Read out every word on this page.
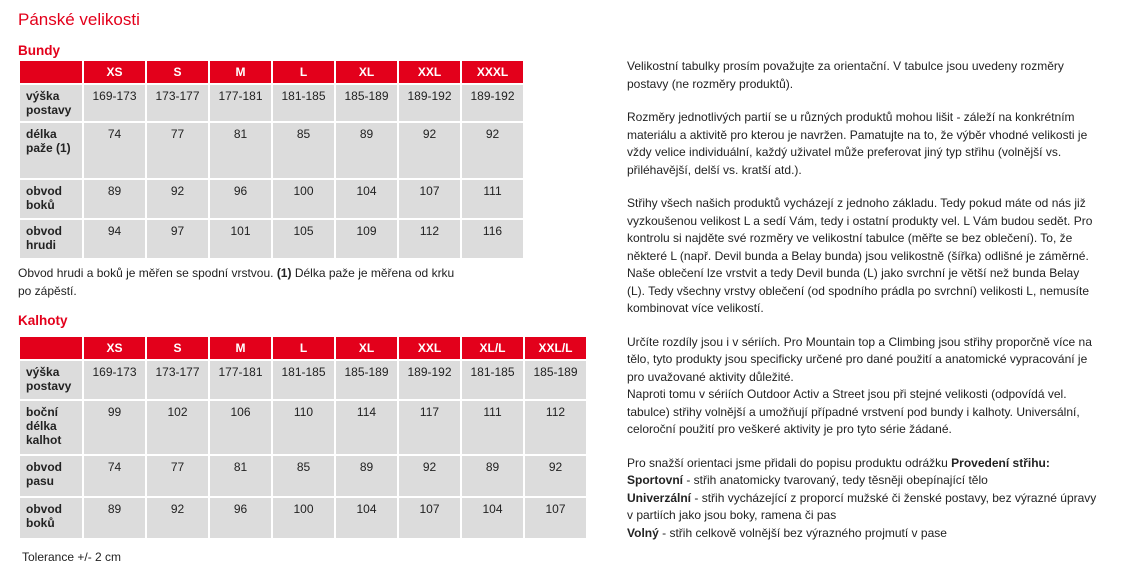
Pánské velikosti
Bundy
	XS	S	M	L	XL	XXL	XXXL
výška postavy	169-173	173-177	177-181	181-185	185-189	189-192	189-192
délka paže (1)	74	77	81	85	89	92	92
obvod boků	89	92	96	100	104	107	111
obvod hrudi	94	97	101	105	109	112	116
Obvod hrudi a boků je měřen se spodní vrstvou. (1) Délka paže je měřena od krku po zápěstí.
Kalhoty
	XS	S	M	L	XL	XXL	XL/L	XXL/L
výška postavy	169-173	173-177	177-181	181-185	185-189	189-192	181-185	185-189
boční délka kalhot	99	102	106	110	114	117	111	112
obvod pasu	74	77	81	85	89	92	89	92
obvod boků	89	92	96	100	104	107	104	107
Tolerance +/- 2 cm

Velikostní tabulky prosím považujte za orientační. V tabulce jsou uvedeny rozměry postavy (ne rozměry produktů).

Rozměry jednotlivých partií se u různých produktů mohou lišit - záleží na konkrétním materiálu a aktivitě pro kterou je navržen. Pamatujte na to, že výběr vhodné velikosti je vždy velice individuální, každý uživatel může preferovat jiný typ střihu (volnější vs. přiléhavější, delší vs. kratší atd.).

Střihy všech našich produktů vycházejí z jednoho základu. Tedy pokud máte od nás již vyzkoušenou velikost L a sedí Vám, tedy i ostatní produkty vel. L Vám budou sedět. Pro kontrolu si najděte své rozměry ve velikostní tabulce (měřte se bez oblečení). To, že některé L (např. Devil bunda a Belay bunda) jsou velikostně (šířka) odlišné je záměrné. Naše oblečení lze vrstvit a tedy Devil bunda (L) jako svrchní je větší než bunda Belay (L). Tedy všechny vrstvy oblečení (od spodního prádla po svrchní) velikosti L, nemusíte kombinovat více velikostí.

Určíte rozdíly jsou i v sériích. Pro Mountain top a Climbing jsou střihy proporčně více na tělo, tyto produkty jsou specificky určené pro dané použití a anatomické vypracování je pro uvažované aktivity důležité.

Naproti tomu v sériích Outdoor Activ a Street jsou při stejné velikosti (odpovídá vel. tabulce) střihy volnější a umožňují případné vrstvení pod bundy i kalhoty. Universální, celoroční použití pro veškeré aktivity je pro tyto série žádané.

Pro snažší orientaci jsme přidali do popisu produktu odrážku Provedení střihu:

Sportovní - střih anatomicky tvarovaný, tedy těsněji obepínající tělo
Univerzální - střih vycházející z proporcí mužské či ženské postavy, bez výrazné úpravy v partiích jako jsou boky, ramena či pas
Volný - střih celkově volnější bez výrazného projmutí v pase
